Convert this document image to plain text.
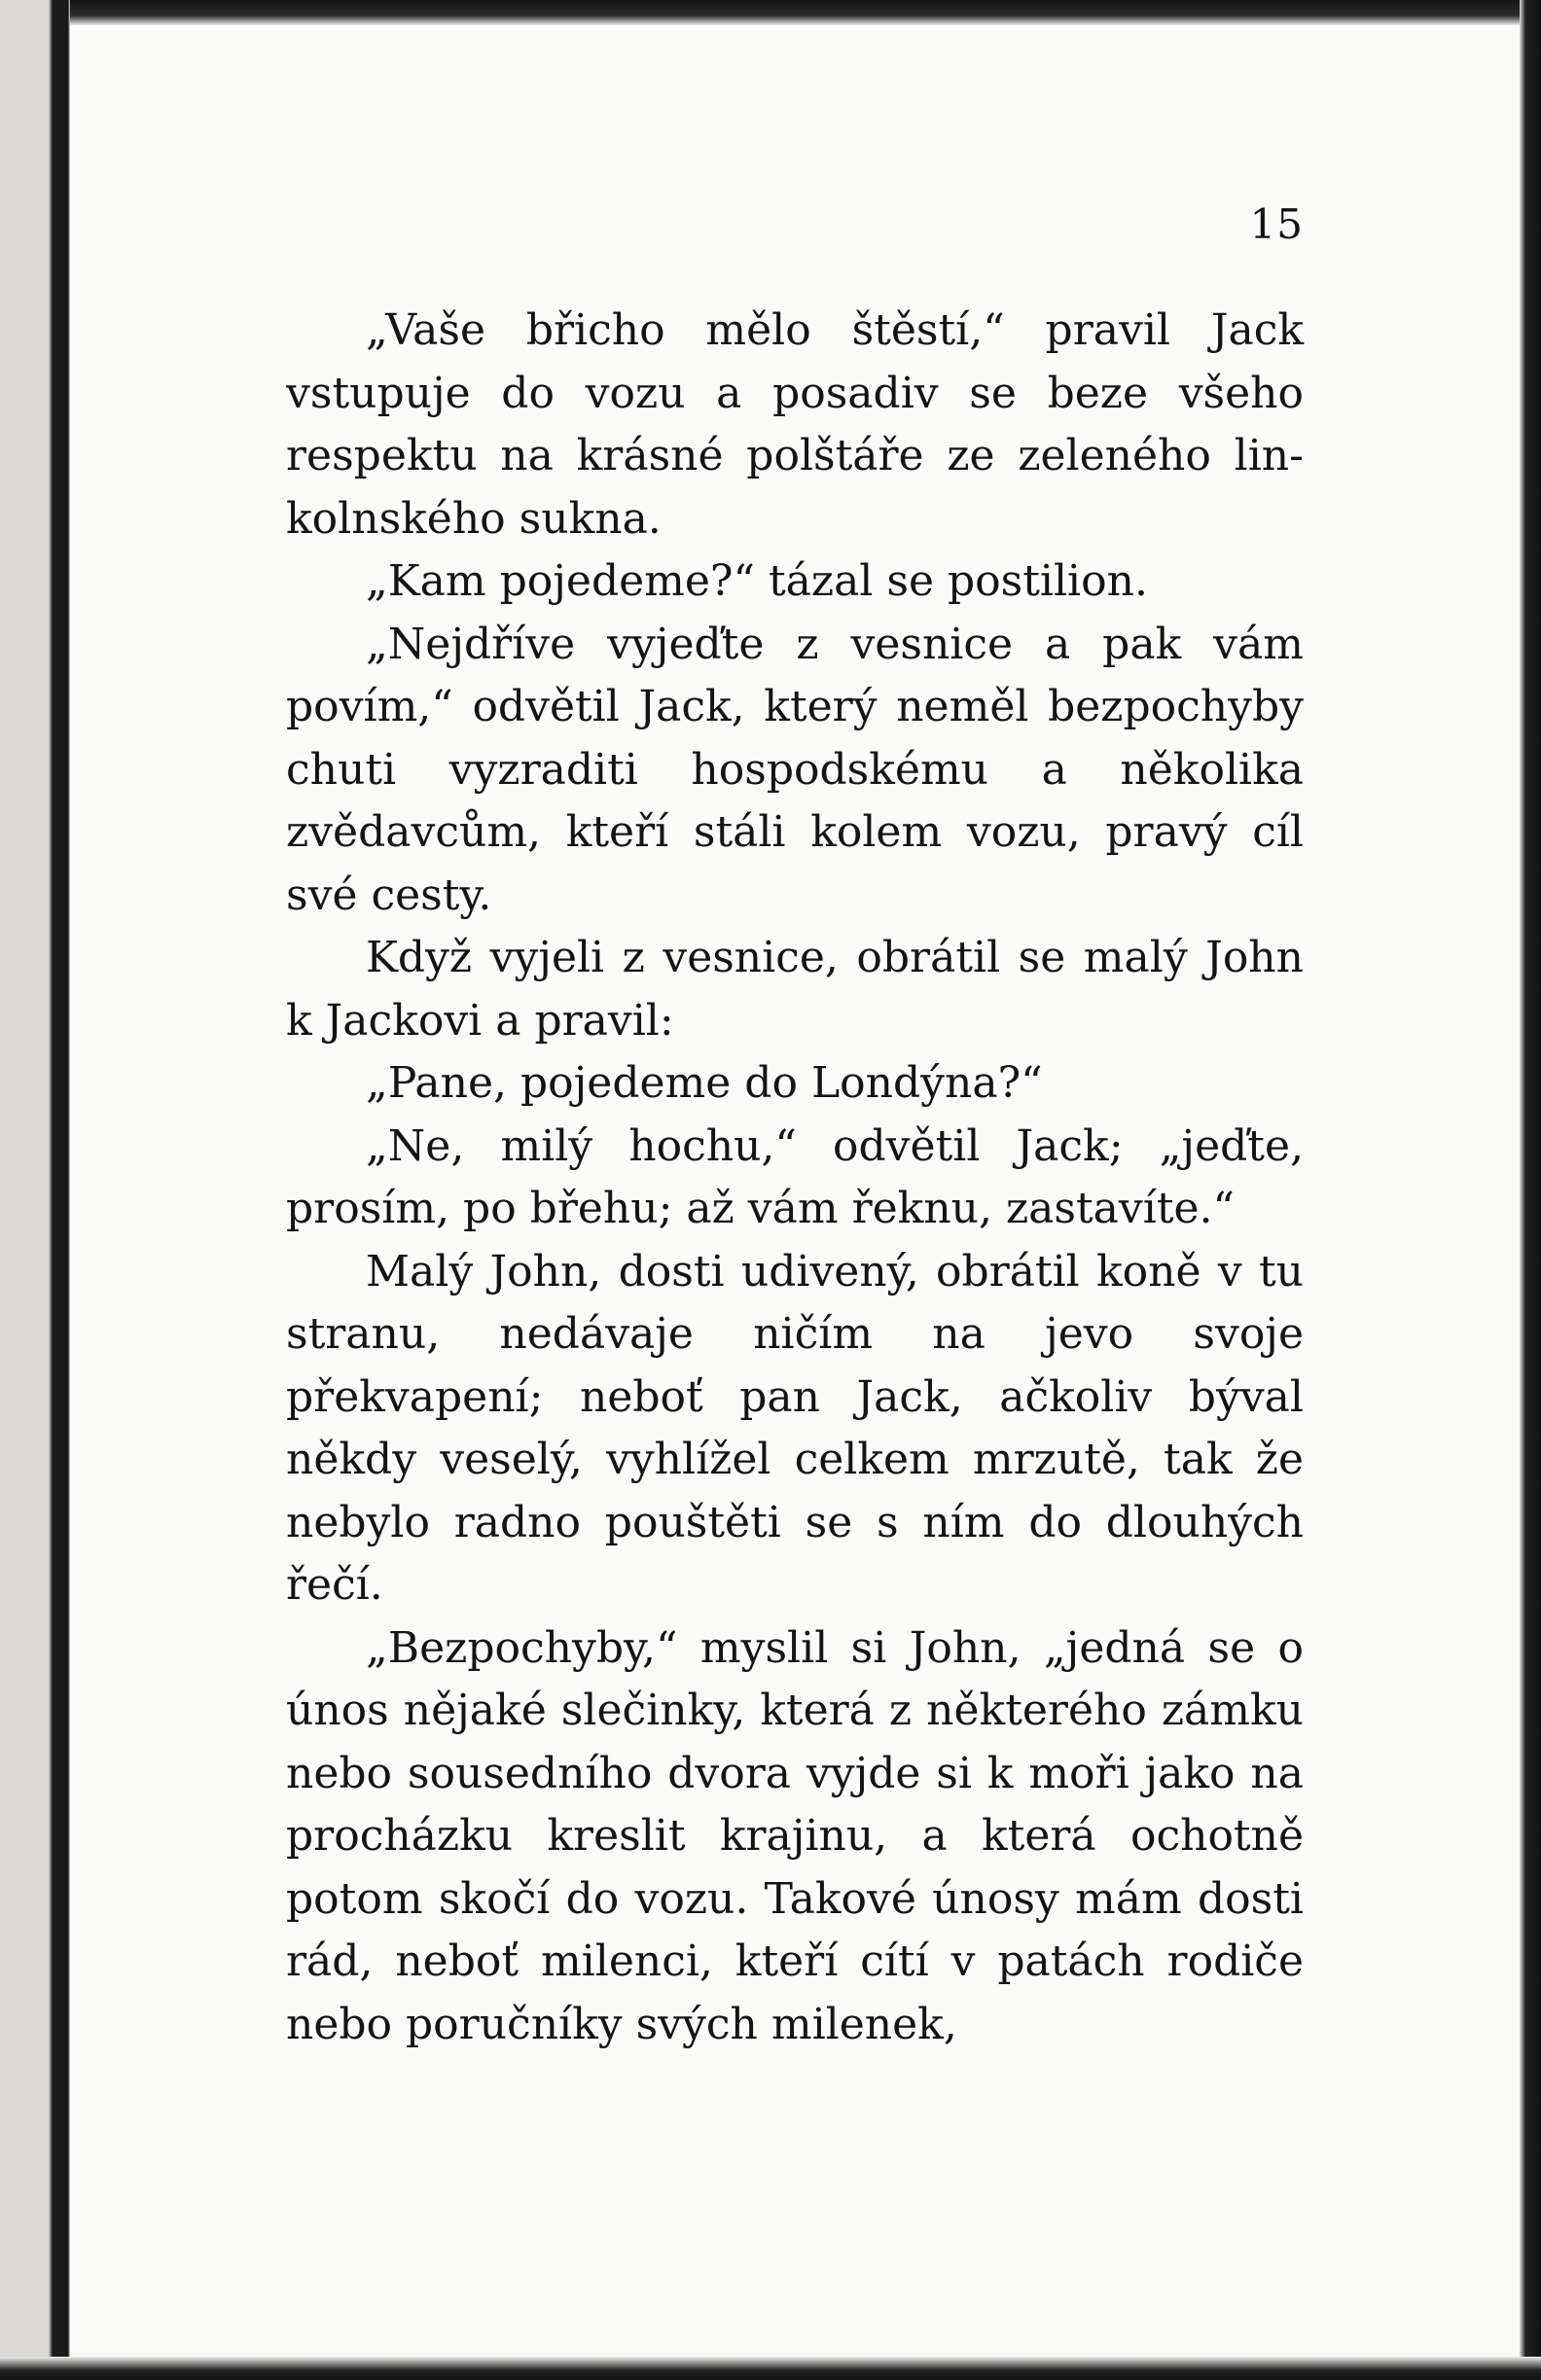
15

„Vaše břicho mělo štěstí,“ pravil Jack vstupuje do vozu a posadiv se beze všeho respektu na krásné polštáře ze zeleného linkolnského sukna.

„Kam pojedeme?“ tázal se postilion.

„Nejdříve vyjeďte z vesnice a pak vám povím,“ odvětil Jack, který neměl bezpochyby chuti vyzraditi hospodskému a několika zvědavcům, kteří stáli kolem vozu, pravý cíl své cesty.

Když vyjeli z vesnice, obrátil se malý John k Jackovi a pravil:

„Pane, pojedeme do Londýna?“

„Ne, milý hochu,“ odvětil Jack; „jeďte, prosím, po břehu; až vám řeknu, zastavíte.“

Malý John, dosti udivený, obrátil koně v tu stranu, nedávaje ničím na jevo svoje překvapení; neboť pan Jack, ačkoliv býval někdy veselý, vyhlížel celkem mrzutě, tak že nebylo radno pouštěti se s ním do dlouhých řečí.

„Bezpochyby,“ myslil si John, „jedná se o únos nějaké slečinky, která z některého zámku nebo sousedního dvora vyjde si k moři jako na procházku kreslit krajinu, a která ochotně potom skočí do vozu. Takové únosy mám dosti rád, neboť milenci, kteří cítí v patách rodiče nebo poručníky svých milenek,
